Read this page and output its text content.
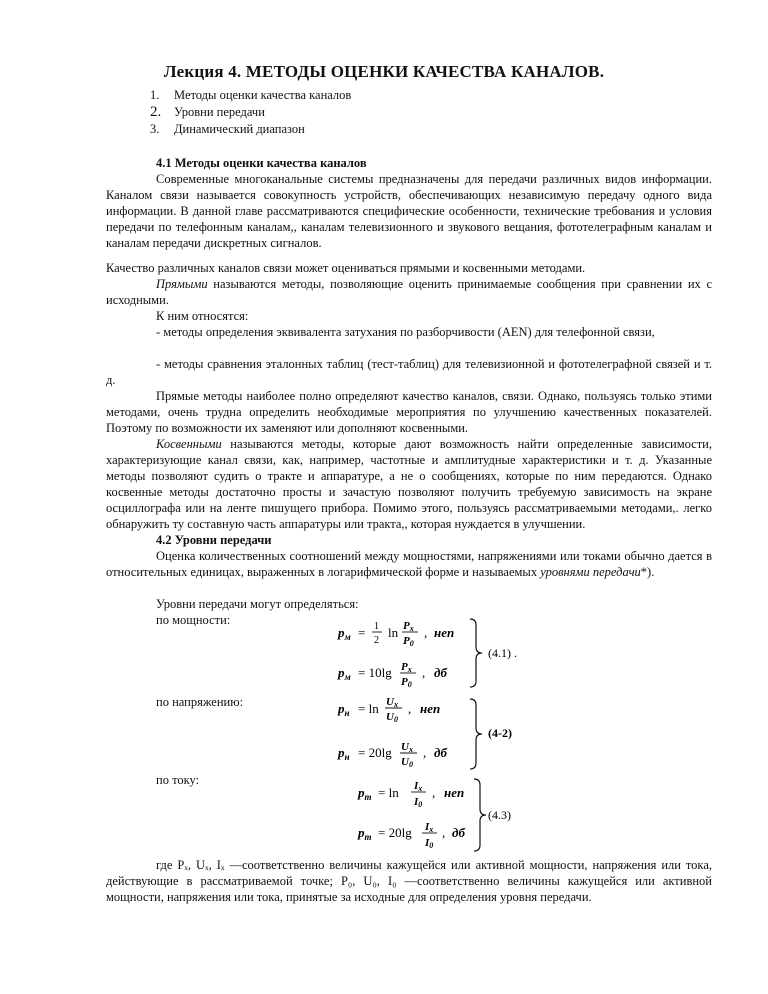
Лекция 4. МЕТОДЫ ОЦЕНКИ КАЧЕСТВА КАНАЛОВ.
1. Методы оценки качества каналов
2. Уровни передачи
3. Динамический диапазон
4.1 Методы оценки качества каналов
Современные многоканальные системы предназначены для передачи различных видов информации. Каналом связи называется совокупность устройств, обеспечивающих независимую передачу одного вида информации. В данной главе рассматриваются специфические особенности, технические требования и условия передачи по телефонным каналам,, каналам телевизионного и звукового вещания, фототелеграфным каналам и каналам передачи дискретных сигналов.
Качество различных каналов связи может оцениваться прямыми и косвенными методами.
Прямыми называются методы, позволяющие оценить принимаемые сообщения при сравнении их с исходными.
К ним относятся:
- методы определения эквивалента затухания по разборчивости (AEN) для телефонной связи,
- методы сравнения эталонных таблиц (тест-таблиц) для телевизионной и фототелеграфной связей и т. д.
Прямые методы наиболее полно определяют качество каналов, связи. Однако, пользуясь только этими методами, очень трудна определить необходимые мероприятия по улучшению качественных показателей. Поэтому по возможности их заменяют или дополняют косвенными.
Косвенными называются методы, которые дают возможность найти определенные зависимости, характеризующие канал связи, как, например, частотные и амплитудные характеристики и т. д. Указанные методы позволяют судить о тракте и аппаратуре, а не о сообщениях, которые по ним передаются. Однако косвенные методы достаточно просты и зачастую позволяют получить требуемую зависимость на экране осциллографа или на ленте пишущего прибора. Помимо этого, пользуясь рассматриваемыми методами,. легко обнаружить ту составную часть аппаратуры или тракта,, которая нуждается в улучшении.
4.2 Уровни передачи
Оценка количественных соотношений между мощностями, напряжениями или токами обычно дается в относительных единицах, выраженных в логарифмической форме и называемых уровнями передачи*).
Уровни передачи могут определяться:
по мощности:
$p_м = 1$
2
ln Px
P0
, неп
$p_м = 10\lg$ Px
P0
, дб
(4.1) .
по напряжению:	$p_н = \ln Ux$
U0
, неп
$p_н = 20\lg$ Ux
U0
, дб
(4-2)
по току:
$p_т = \ln Ix$
I0
, неп
$p_т = 20\lg$ Ix
I0
, дб
(4.3)
где Pₓ, Uₓ, Iₓ —соответственно величины кажущейся или активной мощности, напряжения или тока, действующие в рассматриваемой точке; P₀, U₀, I₀ —соответственно величины кажущейся или активной мощности, напряжения или тока, принятые за исходные для определения уровня передачи.
